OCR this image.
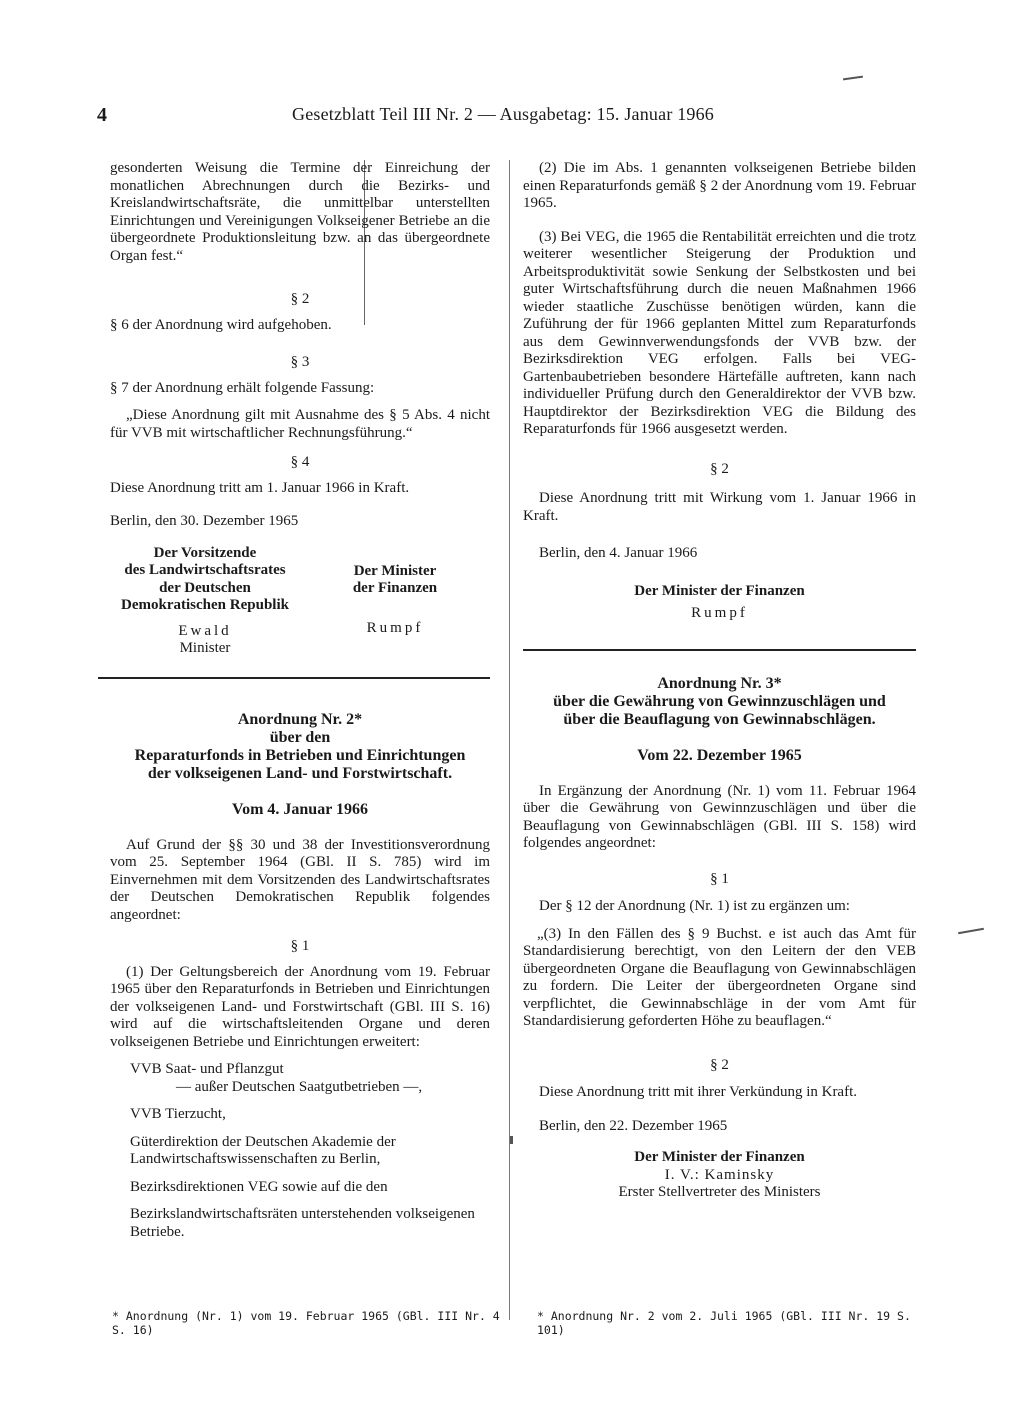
4	Gesetzblatt Teil III Nr. 2 — Ausgabetag: 15. Januar 1966

gesonderten Weisung die Termine der Einreichung der monatlichen Abrechnungen durch die Bezirks- und Kreislandwirtschaftsräte, die unmittelbar unterstellten Einrichtungen und Vereinigungen Volkseigener Betriebe an die übergeordnete Produktionsleitung bzw. an das übergeordnete Organ fest.“

§ 2

§ 6 der Anordnung wird aufgehoben.

§ 3

§ 7 der Anordnung erhält folgende Fassung:

„Diese Anordnung gilt mit Ausnahme des § 5 Abs. 4 nicht für VVB mit wirtschaftlicher Rechnungsführung.“

§ 4

Diese Anordnung tritt am 1. Januar 1966 in Kraft.

Berlin, den 30. Dezember 1965

Der Vorsitzende
des Landwirtschaftsrates
der Deutschen
Demokratischen Republik
Ewald
Minister
Der Minister
der Finanzen
Rumpf
Anordnung Nr. 2*
über den
Reparaturfonds in Betrieben und Einrichtungen
der volkseigenen Land- und Forstwirtschaft.
Vom 4. Januar 1966

Auf Grund der §§ 30 und 38 der Investitionsverordnung vom 25. September 1964 (GBl. II S. 785) wird im Einvernehmen mit dem Vorsitzenden des Landwirtschaftsrates der Deutschen Demokratischen Republik folgendes angeordnet:

§ 1

(1) Der Geltungsbereich der Anordnung vom 19. Februar 1965 über den Reparaturfonds in Betrieben und Einrichtungen der volkseigenen Land- und Forstwirtschaft (GBl. III S. 16) wird auf die wirtschaftsleitenden Organe und deren volkseigenen Betriebe und Einrichtungen erweitert:

VVB Saat- und Pflanzgut
— außer Deutschen Saatgutbetrieben —,
VVB Tierzucht,
Güterdirektion der Deutschen Akademie der Landwirtschaftswissenschaften zu Berlin,
Bezirksdirektionen VEG sowie auf die den
Bezirkslandwirtschaftsräten unterstehenden volkseigenen Betriebe.

(2) Die im Abs. 1 genannten volkseigenen Betriebe bilden einen Reparaturfonds gemäß § 2 der Anordnung vom 19. Februar 1965.

(3) Bei VEG, die 1965 die Rentabilität erreichten und die trotz weiterer wesentlicher Steigerung der Produktion und Arbeitsproduktivität sowie Senkung der Selbstkosten und bei guter Wirtschaftsführung durch die neuen Maßnahmen 1966 wieder staatliche Zuschüsse benötigen würden, kann die Zuführung der für 1966 geplanten Mittel zum Reparaturfonds aus dem Gewinnverwendungsfonds der VVB bzw. der Bezirksdirektion VEG erfolgen. Falls bei VEG-Gartenbaubetrieben besondere Härtefälle auftreten, kann nach individueller Prüfung durch den Generaldirektor der VVB bzw. Hauptdirektor der Bezirksdirektion VEG die Bildung des Reparaturfonds für 1966 ausgesetzt werden.

§ 2

Diese Anordnung tritt mit Wirkung vom 1. Januar 1966 in Kraft.

Berlin, den 4. Januar 1966

Der Minister der Finanzen
Rumpf
Anordnung Nr. 3*
über die Gewährung von Gewinnzuschlägen und
über die Beauflagung von Gewinnabschlägen.
Vom 22. Dezember 1965

In Ergänzung der Anordnung (Nr. 1) vom 11. Februar 1964 über die Gewährung von Gewinnzuschlägen und über die Beauflagung von Gewinnabschlägen (GBl. III S. 158) wird folgendes angeordnet:

§ 1

Der § 12 der Anordnung (Nr. 1) ist zu ergänzen um:

„(3) In den Fällen des § 9 Buchst. e ist auch das Amt für Standardisierung berechtigt, von den Leitern der den VEB übergeordneten Organe die Beauflagung von Gewinnabschlägen zu fordern. Die Leiter der übergeordneten Organe sind verpflichtet, die Gewinnabschläge in der vom Amt für Standardisierung geforderten Höhe zu beauflagen.“

§ 2

Diese Anordnung tritt mit ihrer Verkündung in Kraft.

Berlin, den 22. Dezember 1965

Der Minister der Finanzen
I. V.: Kaminsky
Erster Stellvertreter des Ministers
* Anordnung (Nr. 1) vom 19. Februar 1965 (GBl. III Nr. 4 S. 16)
* Anordnung Nr. 2 vom 2. Juli 1965 (GBl. III Nr. 19 S. 101)
